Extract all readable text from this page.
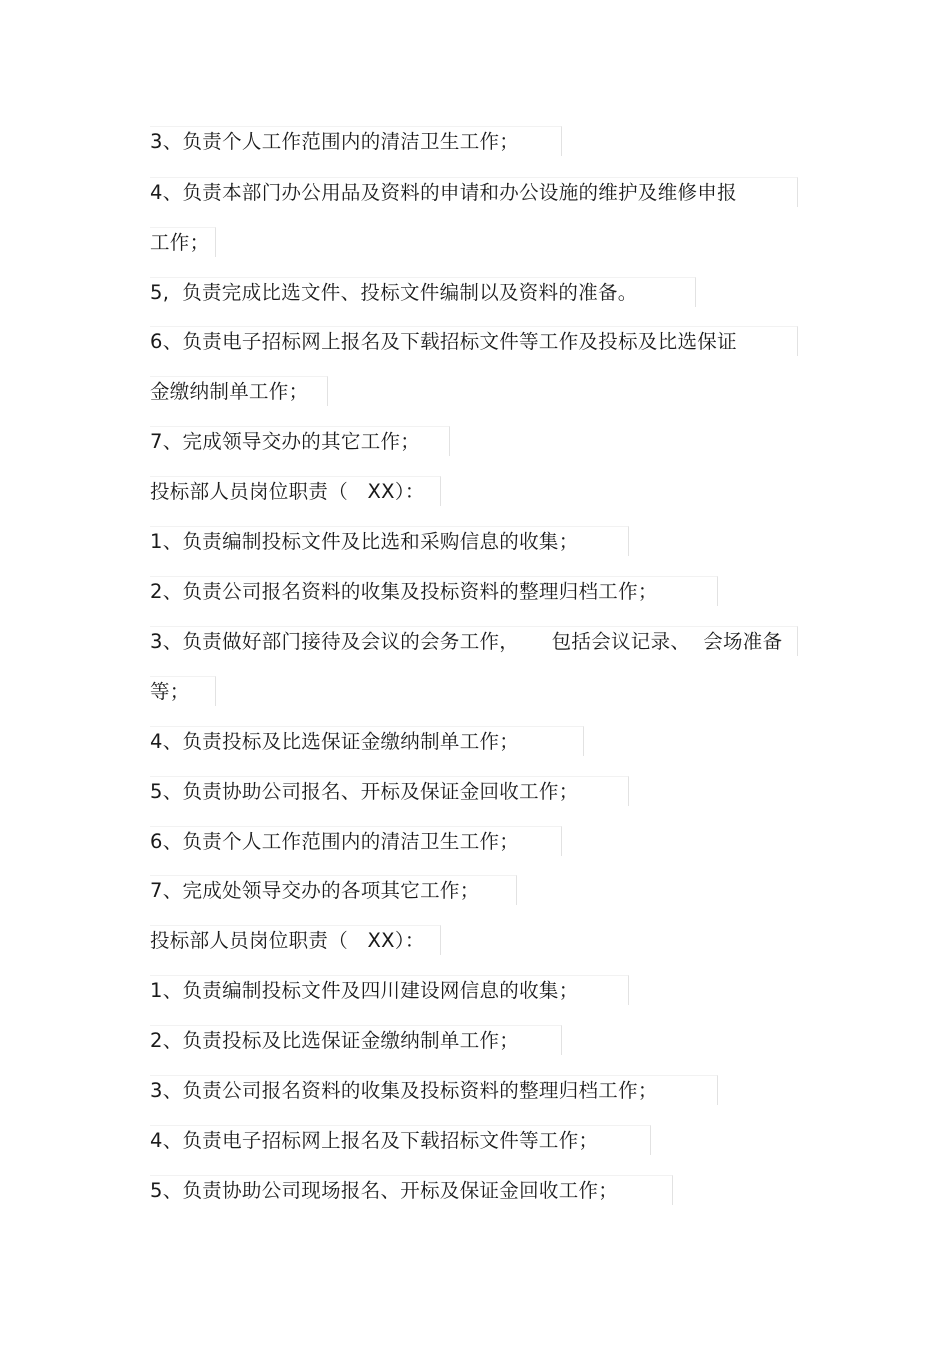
3、负责个人工作范围内的清洁卫生工作；
4、负责本部门办公用品及资料的申请和办公设施的维护及维修申报
工作；
5,  负责完成比选文件、投标文件编制以及资料的准备。
6、负责电子招标网上报名及下载招标文件等工作及投标及比选保证
金缴纳制单工作；
7、完成领导交办的其它工作；
投标部人员岗位职责（   XX）：
1、负责编制投标文件及比选和采购信息的收集；
2、负责公司报名资料的收集及投标资料的整理归档工作；
3、负责做好部门接待及会议的会务工作，     包括会议记录、  会场准备
等；
4、负责投标及比选保证金缴纳制单工作；
5、负责协助公司报名、开标及保证金回收工作；
6、负责个人工作范围内的清洁卫生工作；
7、完成处领导交办的各项其它工作；
投标部人员岗位职责（   XX）：
1、负责编制投标文件及四川建设网信息的收集；
2、负责投标及比选保证金缴纳制单工作；
3、负责公司报名资料的收集及投标资料的整理归档工作；
4、负责电子招标网上报名及下载招标文件等工作；
5、负责协助公司现场报名、开标及保证金回收工作；
